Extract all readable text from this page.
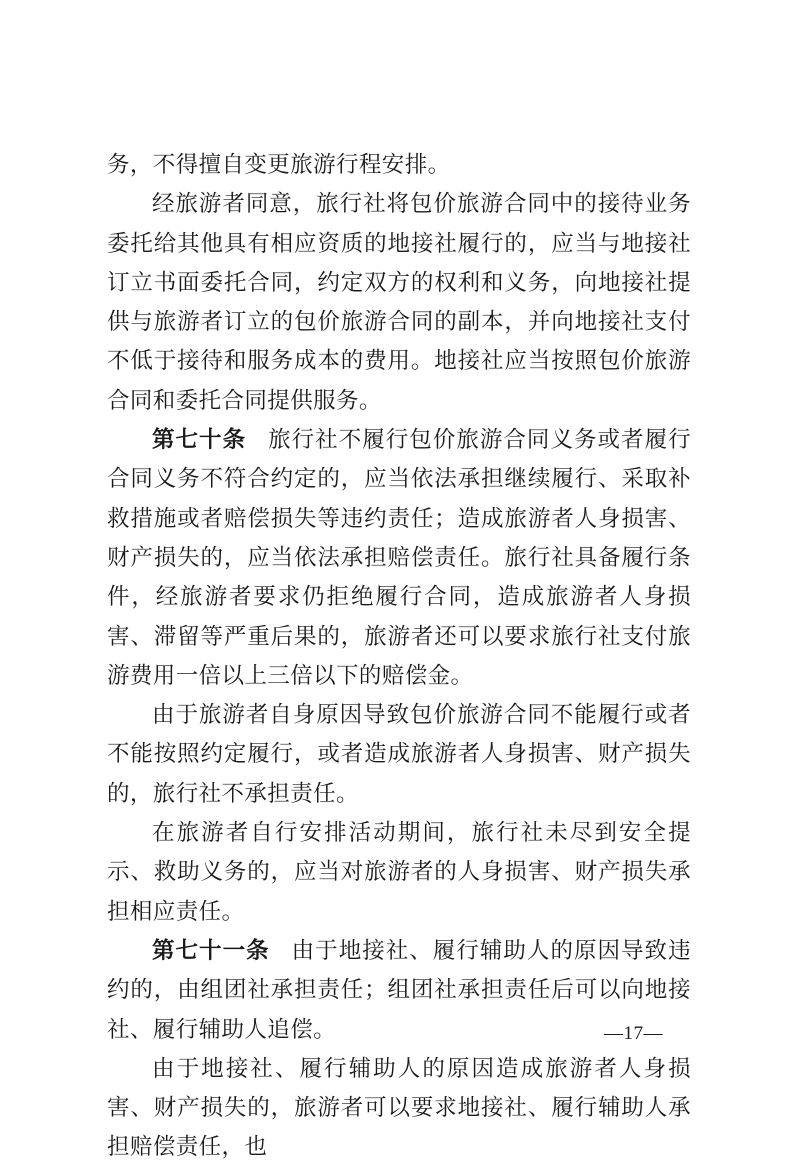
务，不得擅自变更旅游行程安排。

经旅游者同意，旅行社将包价旅游合同中的接待业务委托给其他具有相应资质的地接社履行的，应当与地接社订立书面委托合同，约定双方的权利和义务，向地接社提供与旅游者订立的包价旅游合同的副本，并向地接社支付不低于接待和服务成本的费用。地接社应当按照包价旅游合同和委托合同提供服务。

第七十条 旅行社不履行包价旅游合同义务或者履行合同义务不符合约定的，应当依法承担继续履行、采取补救措施或者赔偿损失等违约责任；造成旅游者人身损害、财产损失的，应当依法承担赔偿责任。旅行社具备履行条件，经旅游者要求仍拒绝履行合同，造成旅游者人身损害、滞留等严重后果的，旅游者还可以要求旅行社支付旅游费用一倍以上三倍以下的赔偿金。

由于旅游者自身原因导致包价旅游合同不能履行或者不能按照约定履行，或者造成旅游者人身损害、财产损失的，旅行社不承担责任。

在旅游者自行安排活动期间，旅行社未尽到安全提示、救助义务的，应当对旅游者的人身损害、财产损失承担相应责任。

第七十一条 由于地接社、履行辅助人的原因导致违约的，由组团社承担责任；组团社承担责任后可以向地接社、履行辅助人追偿。

由于地接社、履行辅助人的原因造成旅游者人身损害、财产损失的，旅游者可以要求地接社、履行辅助人承担赔偿责任，也

—17—
